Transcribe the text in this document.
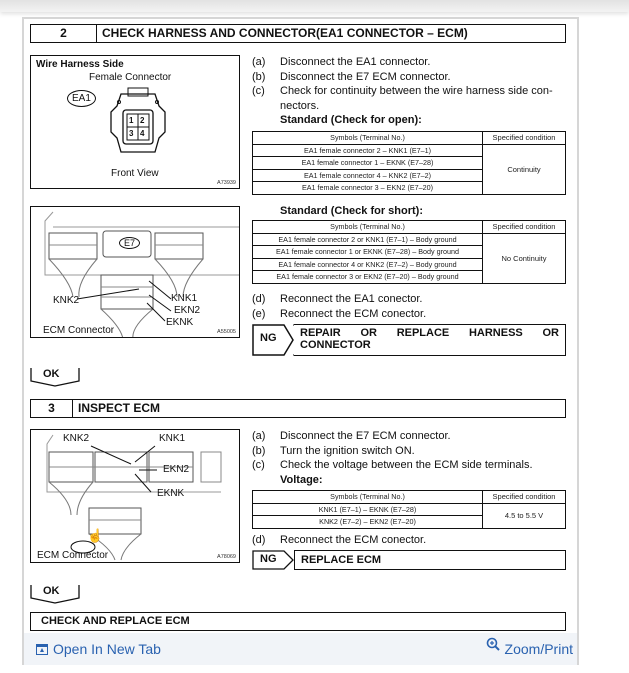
2	CHECK HARNESS AND CONNECTOR(EA1 CONNECTOR – ECM)
Wire Harness Side
Female Connector
EA1
1 2
3 4
Front View
A73939
E7
KNK2	KNK1
EKN2
EKNK
ECM Connector	A55005
(a)	Disconnect the EA1 connector.
(b)	Disconnect the E7 ECM connector.
(c)	Check for continuity between the wire harness side con-nectors.
Standard (Check for open):
Symbols (Terminal No.)	Specified condition
EA1 female connector 2 – KNK1 (E7–1)	Continuity
EA1 female connector 1 – EKNK (E7–28)	
EA1 female connector 4 – KNK2 (E7–2)	
EA1 female connector 3 – EKN2 (E7–20)	
Standard (Check for short):
Symbols (Terminal No.)	Specified condition
EA1 female connector 2 or KNK1 (E7–1) – Body ground	No Continuity
EA1 female connector 1 or EKNK (E7–28) – Body ground	
EA1 female connector 4 or KNK2 (E7–2) – Body ground	
EA1 female connector 3 or EKN2 (E7–20) – Body ground	
(d)	Reconnect the EA1 conector.
(e)	Reconnect the ECM conector.
NG REPAIR OR REPLACE HARNESS OR
CONNECTOR
OK
3	INSPECT ECM
KNK2	KNK1
EKN2
EKNK
☝
ECM Connector	A78069
(a)	Disconnect the E7 ECM connector.
(b)	Turn the ignition switch ON.
(c)	Check the voltage between the ECM side terminals.
Voltage:
Symbols (Terminal No.)	Specified condition
KNK1 (E7–1) – EKNK (E7–28)	4.5 to 5.5 V
KNK2 (E7–2) – EKN2 (E7–20)	
(d)	Reconnect the ECM conector.
NG	REPLACE ECM
OK
CHECK AND REPLACE ECM
Open In New Tab	Zoom/Print
